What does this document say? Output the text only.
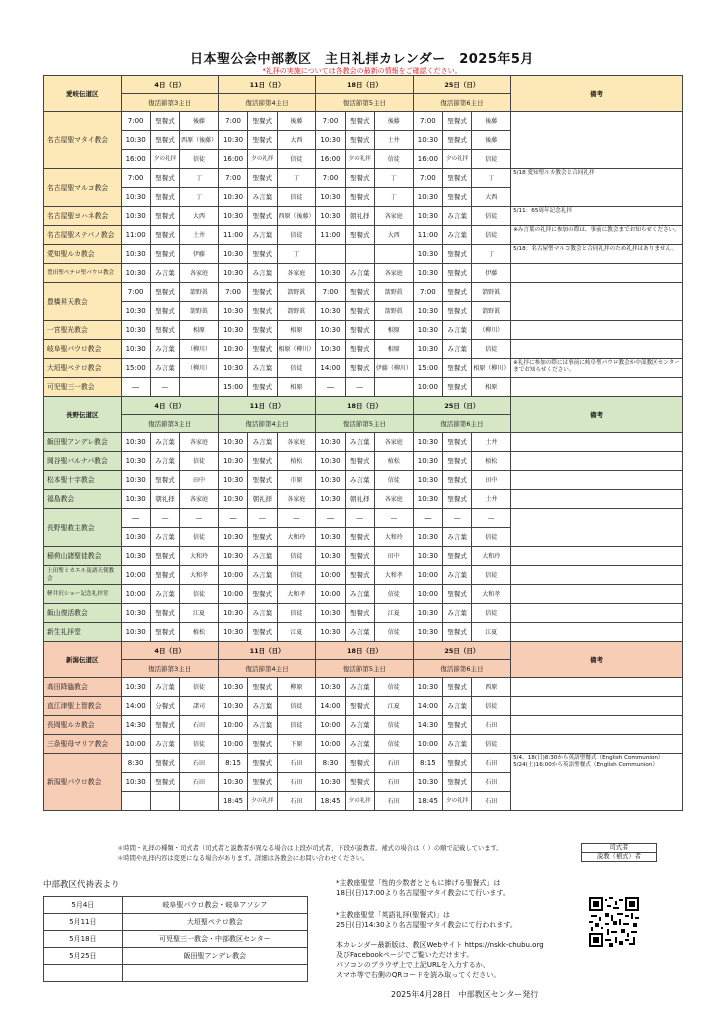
日本聖公会中部教区　主日礼拝カレンダー　2025年5月
*礼拝の実施については各教会の最新の情報をご確認ください。
愛岐伝道区	4日（日）			11日（日）			18日（日）			25日（日）			備考
	復活節第3主日			復活節第4主日			復活節第5主日			復活節第6主日			
名古屋聖マタイ教会	7:00	聖餐式	後藤	7:00	聖餐式	後藤	7:00	聖餐式	後藤	7:00	聖餐式	後藤	
	10:30	聖餐式	西原（後藤）	10:30	聖餐式	大西	10:30	聖餐式	土井	10:30	聖餐式	後藤	
	16:00	夕の礼拝	信徒	16:00	夕の礼拝	信徒	16:00	夕の礼拝	信徒	16:00	夕の礼拝	信徒	
名古屋聖マルコ教会	7:00	聖餐式	丁	7:00	聖餐式	丁	7:00	聖餐式	丁	7:00	聖餐式	丁	5/18 愛知聖ルカ教会と合同礼拝
	10:30	聖餐式	丁	10:30	み言葉	信徒	10:30	聖餐式	丁	10:30	聖餐式	大西	
名古屋聖ヨハネ教会	10:30	聖餐式	大西	10:30	聖餐式	西原（後藤）	10:30	朝礼拝	各家庭	10:30	み言葉	信徒	5/11：65周年記念礼拝
名古屋聖ステパノ教会	11:00	聖餐式	土井	11:00	み言葉	信徒	11:00	聖餐式	大西	11:00	み言葉	信徒	※み言葉の礼拝に参加の際は、事前に教会までお知らせください。
愛知聖ルカ教会	10:30	聖餐式	伊藤	10:30	聖餐式	丁				10:30	聖餐式	丁	5/18：名古屋聖マルコ教会と合同礼拝のため礼拝はありません。
豊田聖ペテロ聖パウロ教会	10:30	み言葉	各家庭	10:30	み言葉	各家庭	10:30	み言葉	各家庭	10:30	聖餐式	伊藤	
豊橋昇天教会	7:00	聖餐式	箭野眞	7:00	聖餐式	箭野眞	7:00	聖餐式	箭野眞	7:00	聖餐式	箭野眞	
	10:30	聖餐式	箭野眞	10:30	聖餐式	箭野眞	10:30	聖餐式	箭野眞	10:30	聖餐式	箭野眞	
一宮聖光教会	10:30	聖餐式	相原	10:30	聖餐式	相原	10:30	聖餐式	相原	10:30	み言葉	（柳川）	
岐阜聖パウロ教会	10:30	み言葉	（柳川）	10:30	聖餐式	相原（柳川）	10:30	聖餐式	相原	10:30	み言葉	信徒	
大垣聖ペテロ教会	15:00	み言葉	（柳川）	10:30	み言葉	信徒	14:00	聖餐式	伊藤（柳川）	15:00	聖餐式	相原（柳川）	※礼拝に参加の際には事前に岐阜聖パウロ教会か中部教区センターまでお知らせください。
可児聖三一教会	―	―		15:00	聖餐式	相原	―	―		10:00	聖餐式	相原	
長野伝道区	4日（日）			11日（日）			18日（日）			25日（日）			備考
	復活節第3主日			復活節第4主日			復活節第5主日			復活節第6主日			
飯田聖アンデレ教会	10:30	み言葉	各家庭	10:30	み言葉	各家庭	10:30	み言葉	各家庭	10:30	聖餐式	土井	
岡谷聖バルナバ教会	10:30	み言葉	信徒	10:30	聖餐式	植松	10:30	聖餐式	植松	10:30	聖餐式	植松	
松本聖十字教会	10:30	聖餐式	田中	10:30	聖餐式	市原	10:30	み言葉	信徒	10:30	聖餐式	田中	
福島教会	10:30	朝礼拝	各家庭	10:30	朝礼拝	各家庭	10:30	朝礼拝	各家庭	10:30	聖餐式	土井	
長野聖救主教会	―	―	―	―	―	―	―	―	―	―	―	―	
	10:30	み言葉	信徒	10:30	聖餐式	大和玲	10:30	聖餐式	大和玲	10:30	み言葉	信徒	
稲荷山諸聖徒教会	10:30	聖餐式	大和玲	10:30	み言葉	信徒	10:30	聖餐式	田中	10:30	聖餐式	大和玲	
上田聖ミカエル及諸天使教会	10:00	聖餐式	大和孝	10:00	み言葉	信徒	10:00	聖餐式	大和孝	10:00	み言葉	信徒	
軽井沢ショー記念礼拝堂	10:00	み言葉	信徒	10:00	聖餐式	大和孝	10:00	み言葉	信徒	10:00	聖餐式	大和孝	
飯山復活教会	10:30	聖餐式	江夏	10:30	み言葉	信徒	10:30	聖餐式	江夏	10:30	み言葉	信徒	
新生礼拝堂	10:30	聖餐式	植松	10:30	聖餐式	江夏	10:30	み言葉	信徒	10:30	聖餐式	江夏	
新潟伝道区	4日（日）			11日（日）			18日（日）			25日（日）			備考
	復活節第3主日			復活節第4主日			復活節第5主日			復活節第6主日			
高田降臨教会	10:30	み言葉	信徒	10:30	聖餐式	柳原	10:30	み言葉	信徒	10:30	聖餐式	西原	
直江津聖上智教会	14:00	分餐式	諸司	10:30	み言葉	信徒	14:00	聖餐式	江夏	14:00	み言葉	信徒	
長岡聖ルカ教会	14:30	聖餐式	石田	10:00	み言葉	信徒	10:00	み言葉	信徒	14:30	聖餐式	石田	
三条聖母マリア教会	10:00	み言葉	信徒	10:00	聖餐式	下原	10:00	み言葉	信徒	10:00	み言葉	信徒	
新潟聖パウロ教会	8:30	聖餐式	石田	8:15	聖餐式	石田	8:30	聖餐式	石田	8:15	聖餐式	石田	5/4、18(日)8:30から英語聖餐式（English Communion）5/24(土)16:00から英語聖餐式（English Communion）
	10:30	聖餐式	石田	10:30	聖餐式	石田	10:30	聖餐式	石田	10:30	聖餐式	石田	
				18:45	夕の礼拝	石田	18:45	夕の礼拝	石田	18:45	夕の礼拝	石田	
＊時間・礼拝の種類・司式者（司式者と説教者が異なる場合は上段が司式者、下段が説教者。補式の場合は（ ）の順で記載しています。
＊時間や礼拝内容は変更になる場合があります。詳細は各教会にお問い合わせください。
司式者
説教（補式）者
中部教区代祷表より
5月4日	岐阜聖パウロ教会・岐阜アソシア
5月11日	大垣聖ペテロ教会
5月18日	可児聖三一教会・中部教区センター
5月25日	飯田聖アンデレ教会

*主教座聖堂「性的少数者とともに捧げる聖餐式」は
18日(日)17:00より名古屋聖マタイ教会にて行います。
*主教座聖堂「英語礼拝(聖餐式)」は
25日(日)14:30より名古屋聖マタイ教会にて行われます。
本カレンダー最新版は、教区Webサイト https://nskk-chubu.org
及びFacebookページでご覧いただけます。
パソコンのブラウザ上で上記URLを入力するか、
スマホ等で右側のQRコードを読み取ってください。
2025年4月28日　中部教区センター発行
